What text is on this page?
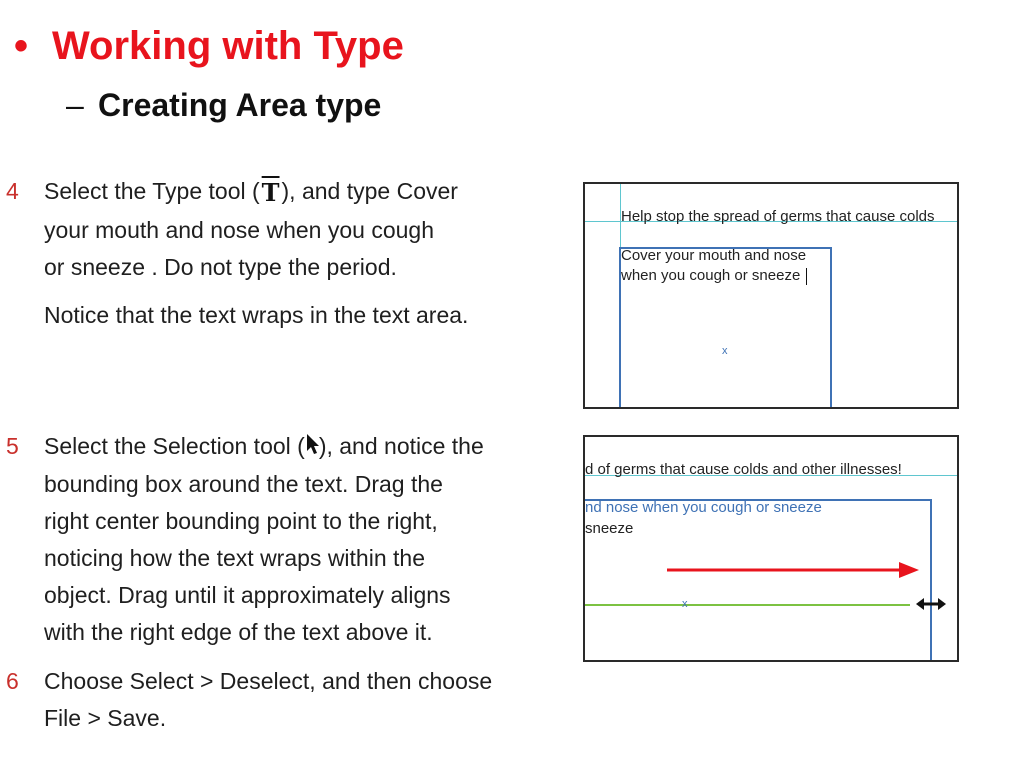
• Working with Type
– Creating Area type
4 Select the Type tool $(\overline{T})$, and type Cover
your mouth and nose when you cough
or sneeze . Do not type the period.
Notice that the text wraps in the text area.
5 Select the Selection tool ( ), and notice the
bounding box around the text. Drag the
right center bounding point to the right,
noticing how the text wraps within the
object. Drag until it approximately aligns
with the right edge of the text above it.
6 Choose Select > Deselect, and then choose
File > Save.
Help stop the spread of germs that cause colds
Cover your mouth and nose
when you cough or sneeze
x
d of germs that cause colds and other illnesses!
nd nose when you cough or sneeze
sneeze
x
